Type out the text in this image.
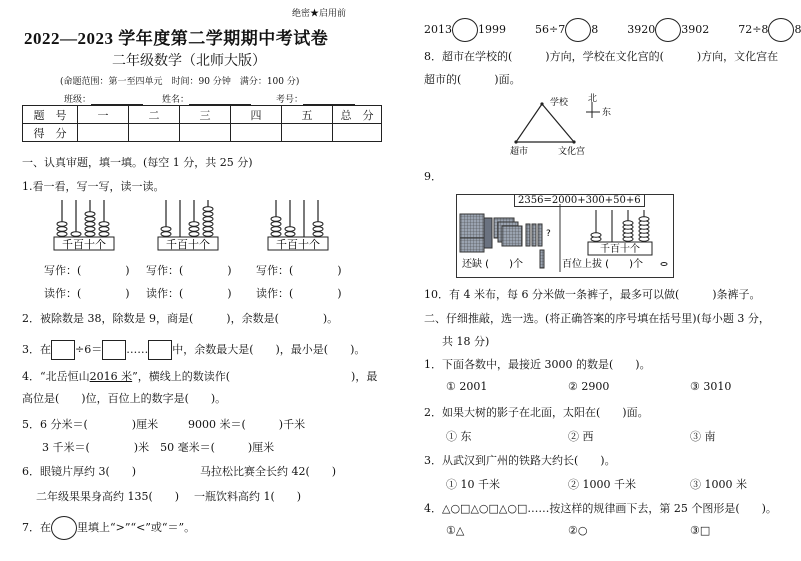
绝密★启用前
2022—2023 学年度第二学期期中考试卷
二年级数学（北师大版）
(命题范围：第一至四单元　时间：90 分钟　满分：100 分)
班级：	姓名：	考号：
题　号	一	二	三	四	五	总　分
得　分						
一、认真审题，填一填。(每空 1 分，共 25 分)
1.看一看，写一写，读一读。
千百十个	千百十个	千百十个
写作：(　　　　) 写作：(　　　　) 写作：(　　　　)
读作：(　　　　) 读作：(　　　　) 读作：(　　　　)
2．被除数是 38，除数是 9，商是(　　　)，余数是(　　　　)。
3．在 ÷6＝ …… 中，余数最大是(　　)，最小是(　　)。
4．“北岳恒山2016 米”，横线上的数读作(　　　　　　　　　　　)，最
高位是(　　)位，百位上的数字是(　　)。
5．6 分米＝(　　　　)厘米	9000 米＝(　　　)千米
3 千米＝(　　　　)米　50 毫米＝(　　　)厘米
6．眼镜片厚约 3(　　)	马拉松比赛全长约 42(　　)
二年级果果身高约 135(　　) 一瓶饮料高约 1(　　)
7．在 里填上“>”“<”或“＝”。
2013 1999	56÷7 8	3920 3902	72÷8 8
8．超市在学校的(　　　)方向，学校在文化宫的(　　　)方向，文化宫在
超市的(　　　)面。
学校
超市	文化宫
北
东
9．
2356=2000+300+50+6
?
千百十个
还缺 (　　)个	百位上拔 (　　)个
10．有 4 米布，每 6 分米做一条裤子，最多可以做(　　　)条裤子。
二、仔细推敲，选一选。(将正确答案的序号填在括号里)(每小题 3 分，
共 18 分)
1．下面各数中，最接近 3000 的数是(　　)。
① 2001	② 2900	③ 3010
2．如果大树的影子在北面，太阳在(　　)面。
① 东	② 西	③ 南
3．从武汉到广州的铁路大约长(　　)。
① 10 千米	② 1000 千米	③ 1000 米
4．△○□△○□△○□……按这样的规律画下去，第 25 个图形是(　　)。
①△	②○	③□
